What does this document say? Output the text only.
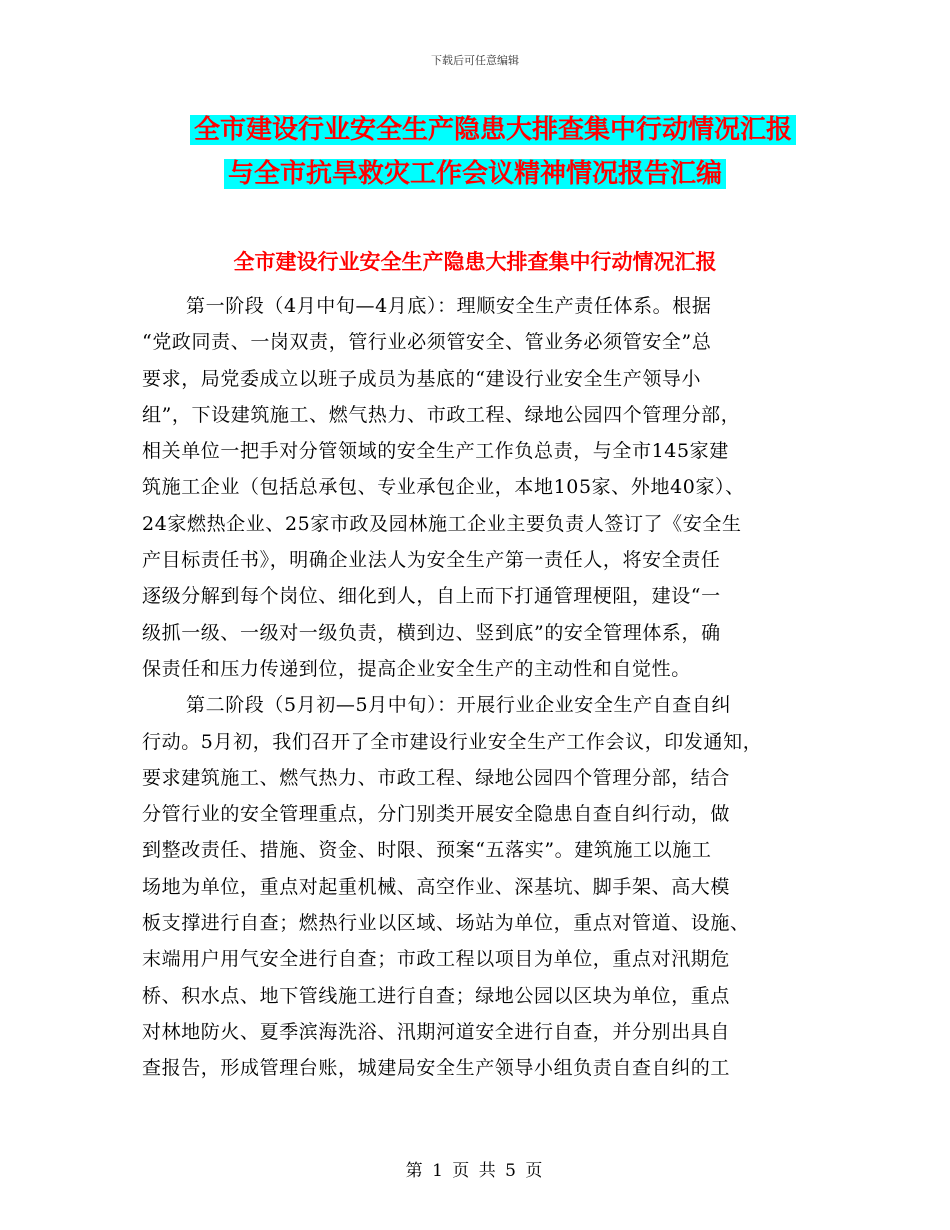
下载后可任意编辑
全市建设行业安全生产隐患大排查集中行动情况汇报
与全市抗旱救灾工作会议精神情况报告汇编
全市建设行业安全生产隐患大排查集中行动情况汇报
第一阶段（4月中旬—4月底）：理顺安全生产责任体系。根据
“党政同责、一岗双责，管行业必须管安全、管业务必须管安全”总
要求，局党委成立以班子成员为基底的“建设行业安全生产领导小
组”，下设建筑施工、燃气热力、市政工程、绿地公园四个管理分部，
相关单位一把手对分管领域的安全生产工作负总责，与全市145家建
筑施工企业（包括总承包、专业承包企业，本地105家、外地40家）、
24家燃热企业、25家市政及园林施工企业主要负责人签订了《安全生
产目标责任书》，明确企业法人为安全生产第一责任人，将安全责任
逐级分解到每个岗位、细化到人，自上而下打通管理梗阻，建设“一
级抓一级、一级对一级负责，横到边、竖到底”的安全管理体系，确
保责任和压力传递到位，提高企业安全生产的主动性和自觉性。
第二阶段（5月初—5月中旬）：开展行业企业安全生产自查自纠
行动。5月初，我们召开了全市建设行业安全生产工作会议，印发通知，
要求建筑施工、燃气热力、市政工程、绿地公园四个管理分部，结合
分管行业的安全管理重点，分门别类开展安全隐患自查自纠行动，做
到整改责任、措施、资金、时限、预案“五落实”。建筑施工以施工
场地为单位，重点对起重机械、高空作业、深基坑、脚手架、高大模
板支撑进行自查；燃热行业以区域、场站为单位，重点对管道、设施、
末端用户用气安全进行自查；市政工程以项目为单位，重点对汛期危
桥、积水点、地下管线施工进行自查；绿地公园以区块为单位，重点
对林地防火、夏季滨海洗浴、汛期河道安全进行自查，并分别出具自
查报告，形成管理台账，城建局安全生产领导小组负责自查自纠的工
第 1 页 共 5 页
